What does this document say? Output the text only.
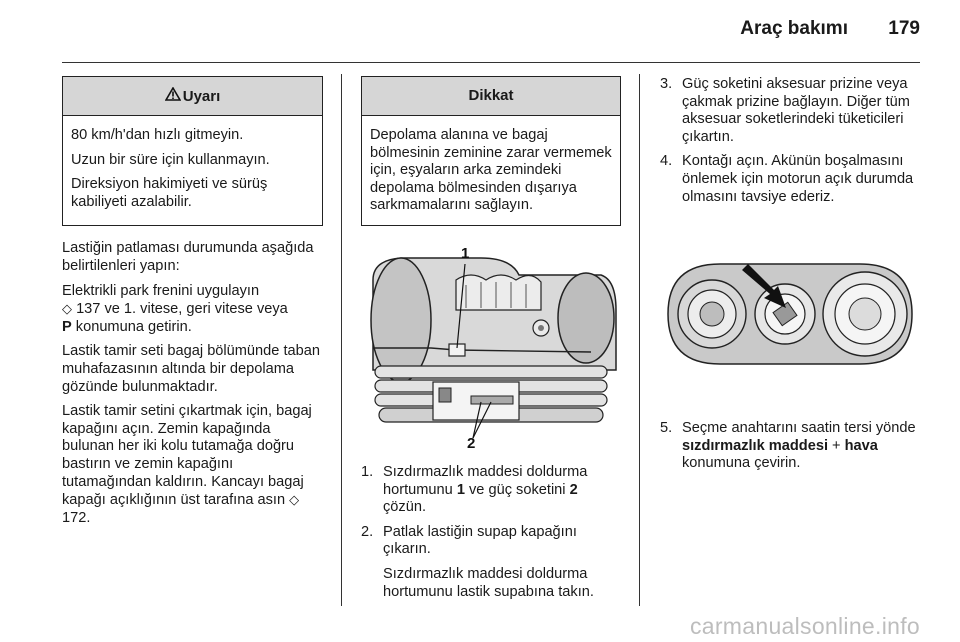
Araç bakımı 179
Uyarı

80 km/h'dan hızlı gitmeyin.

Uzun bir süre için kullanmayın.

Direksiyon hakimiyeti ve sürüş kabiliyeti azalabilir.

Lastiğin patlaması durumunda aşağıda belirtilenleri yapın:

Elektrikli park frenini uygulayın
◇ 137 ve 1. vitese, geri vitese veya
P konumuna getirin.

Lastik tamir seti bagaj bölümünde taban muhafazasının altında bir depolama gözünde bulunmaktadır.

Lastik tamir setini çıkartmak için, bagaj kapağını açın. Zemin kapağında bulunan her iki kolu tutamağa doğru bastırın ve zemin kapağını tutamağından kaldırın. Kancayı bagaj kapağı açıklığının üst tarafına asın ◇ 172.

Dikkat
Depolama alanına ve bagaj bölmesinin zeminine zarar vermemek için, eşyaların arka zemindeki depolama bölmesinden dışarıya sarkmamalarını sağlayın.
1
2
1. Sızdırmazlık maddesi doldurma hortumunu 1 ve güç soketini 2 çözün.
2. Patlak lastiğin supap kapağını çıkarın.

Sızdırmazlık maddesi doldurma hortumunu lastik supabına takın.

3. Güç soketini aksesuar prizine veya çakmak prizine bağlayın. Diğer tüm aksesuar soketlerindeki tüketicileri çıkartın.
4. Kontağı açın. Akünün boşalmasını önlemek için motorun açık durumda olmasını tavsiye ederiz.
5. Seçme anahtarını saatin tersi yönde sızdırmazlık maddesi + hava konumuna çevirin.
carmanualsonline.info
